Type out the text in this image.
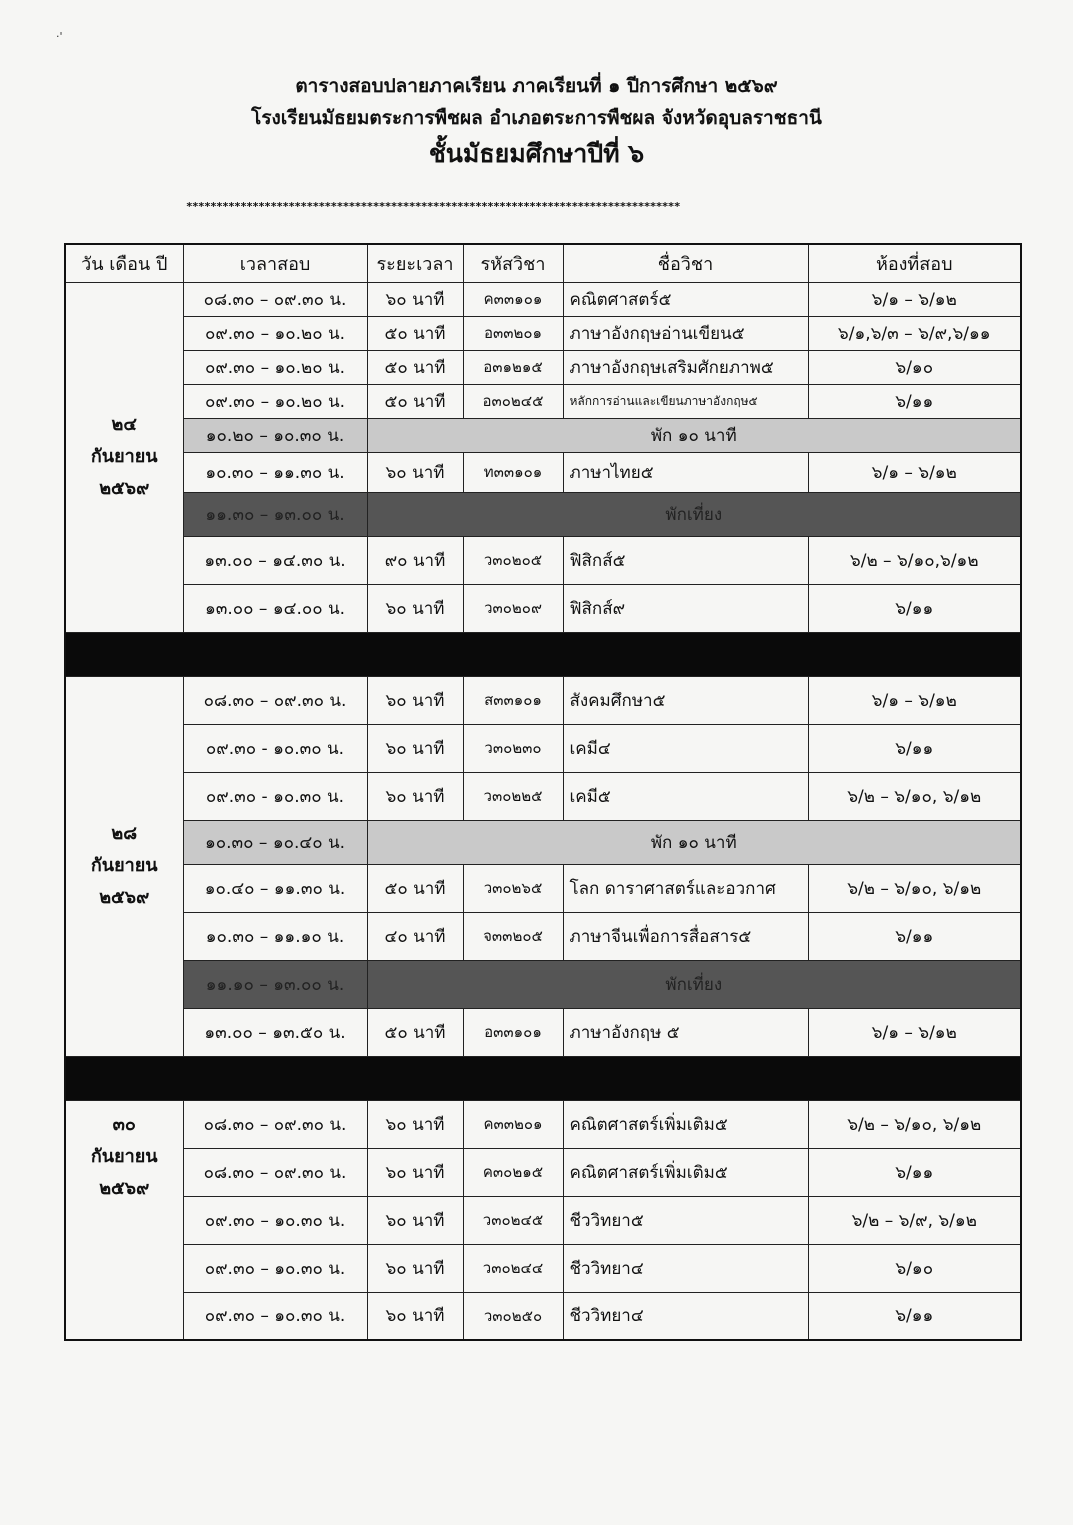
·'
ตารางสอบปลายภาคเรียน ภาคเรียนที่ ๑ ปีการศึกษา ๒๕๖๙
โรงเรียนมัธยมตระการพืชผล อำเภอตระการพืชผล จังหวัดอุบลราชธานี
ชั้นมัธยมศึกษาปีที่ ๖
**********************************************************************************
วัน เดือน ปี	เวลาสอบ	ระยะเวลา	รหัสวิชา	ชื่อวิชา	ห้องที่สอบ

๒๔
กันยายน
๒๕๖๙	๐๘.๓๐ – ๐๙.๓๐ น.	๖๐ นาที	ค๓๓๑๐๑	คณิตศาสตร์๕	๖/๑ – ๖/๑๒
	๐๙.๓๐ – ๑๐.๒๐ น.	๕๐ นาที	อ๓๓๒๐๑	ภาษาอังกฤษอ่านเขียน๕	๖/๑,๖/๓ – ๖/๙,๖/๑๑
	๐๙.๓๐ – ๑๐.๒๐ น.	๕๐ นาที	อ๓๑๒๑๕	ภาษาอังกฤษเสริมศักยภาพ๕	๖/๑๐
	๐๙.๓๐ – ๑๐.๒๐ น.	๕๐ นาที	อ๓๐๒๔๕	หลักการอ่านและเขียนภาษาอังกฤษ๕	๖/๑๑
	๑๐.๒๐ – ๑๐.๓๐ น.	พัก ๑๐ นาที			
	๑๐.๓๐ – ๑๑.๓๐ น.	๖๐ นาที	ท๓๓๑๐๑	ภาษาไทย๕	๖/๑ – ๖/๑๒
	๑๑.๓๐ – ๑๓.๐๐ น.	พักเที่ยง			
	๑๓.๐๐ – ๑๔.๓๐ น.	๙๐ นาที	ว๓๐๒๐๕	ฟิสิกส์๕	๖/๒ – ๖/๑๐,๖/๑๒
	๑๓.๐๐ – ๑๔.๐๐ น.	๖๐ นาที	ว๓๐๒๐๙	ฟิสิกส์๙	๖/๑๑

๒๘
กันยายน
๒๕๖๙	๐๘.๓๐ – ๐๙.๓๐ น.	๖๐ นาที	ส๓๓๑๐๑	สังคมศึกษา๕	๖/๑ – ๖/๑๒
	๐๙.๓๐ - ๑๐.๓๐ น.	๖๐ นาที	ว๓๐๒๓๐	เคมี๔	๖/๑๑
	๐๙.๓๐ - ๑๐.๓๐ น.	๖๐ นาที	ว๓๐๒๒๕	เคมี๕	๖/๒ – ๖/๑๐, ๖/๑๒
	๑๐.๓๐ – ๑๐.๔๐ น.	พัก ๑๐ นาที			
	๑๐.๔๐ – ๑๑.๓๐ น.	๕๐ นาที	ว๓๐๒๖๕	โลก ดาราศาสตร์และอวกาศ	๖/๒ – ๖/๑๐, ๖/๑๒
	๑๐.๓๐ – ๑๑.๑๐ น.	๔๐ นาที	จ๓๓๒๐๕	ภาษาจีนเพื่อการสื่อสาร๕	๖/๑๑
	๑๑.๑๐ – ๑๓.๐๐ น.	พักเที่ยง			
	๑๓.๐๐ – ๑๓.๕๐ น.	๕๐ นาที	อ๓๓๑๐๑	ภาษาอังกฤษ ๕	๖/๑ – ๖/๑๒

๓๐
กันยายน
๒๕๖๙	๐๘.๓๐ – ๐๙.๓๐ น.	๖๐ นาที	ค๓๓๒๐๑	คณิตศาสตร์เพิ่มเติม๕	๖/๒ – ๖/๑๐, ๖/๑๒
	๐๘.๓๐ – ๐๙.๓๐ น.	๖๐ นาที	ค๓๐๒๑๕	คณิตศาสตร์เพิ่มเติม๕	๖/๑๑
	๐๙.๓๐ – ๑๐.๓๐ น.	๖๐ นาที	ว๓๐๒๔๕	ชีววิทยา๕	๖/๒ – ๖/๙, ๖/๑๒
	๐๙.๓๐ – ๑๐.๓๐ น.	๖๐ นาที	ว๓๐๒๔๔	ชีววิทยา๔	๖/๑๐
	๐๙.๓๐ – ๑๐.๓๐ น.	๖๐ นาที	ว๓๐๒๕๐	ชีววิทยา๔	๖/๑๑
